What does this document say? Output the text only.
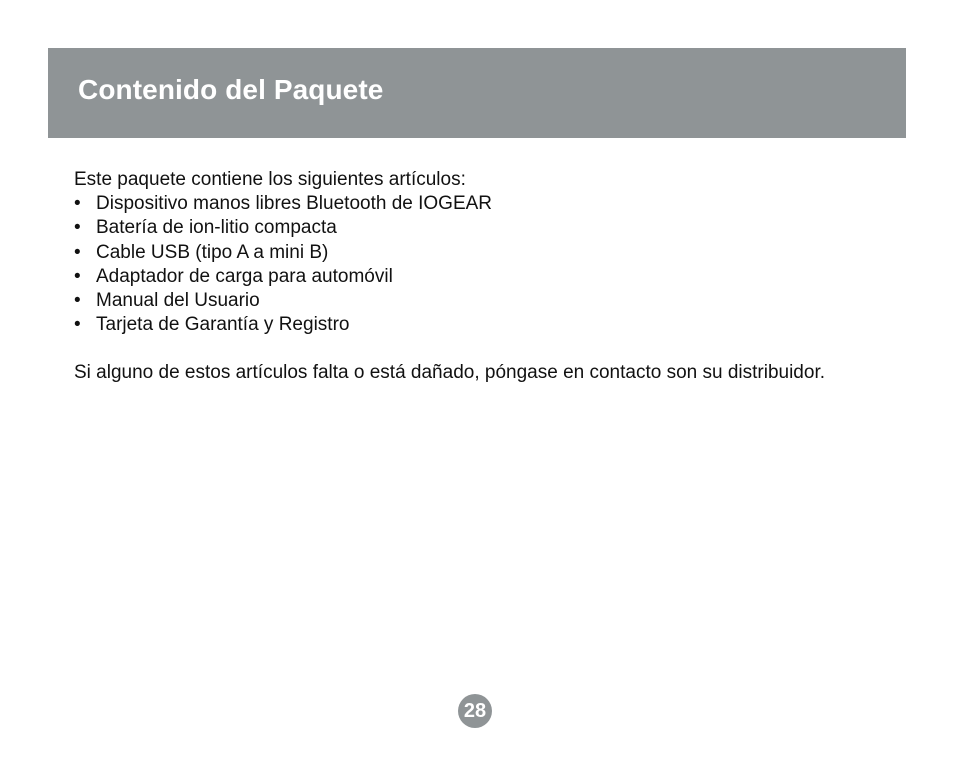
Contenido del Paquete

Este paquete contiene los siguientes artículos:

• Dispositivo manos libres Bluetooth de IOGEAR
• Batería de ion-litio compacta
• Cable USB (tipo A a mini B)
• Adaptador de carga para automóvil
• Manual del Usuario
• Tarjeta de Garantía y Registro

Si alguno de estos artículos falta o está dañado, póngase en contacto son su distribuidor.

28
